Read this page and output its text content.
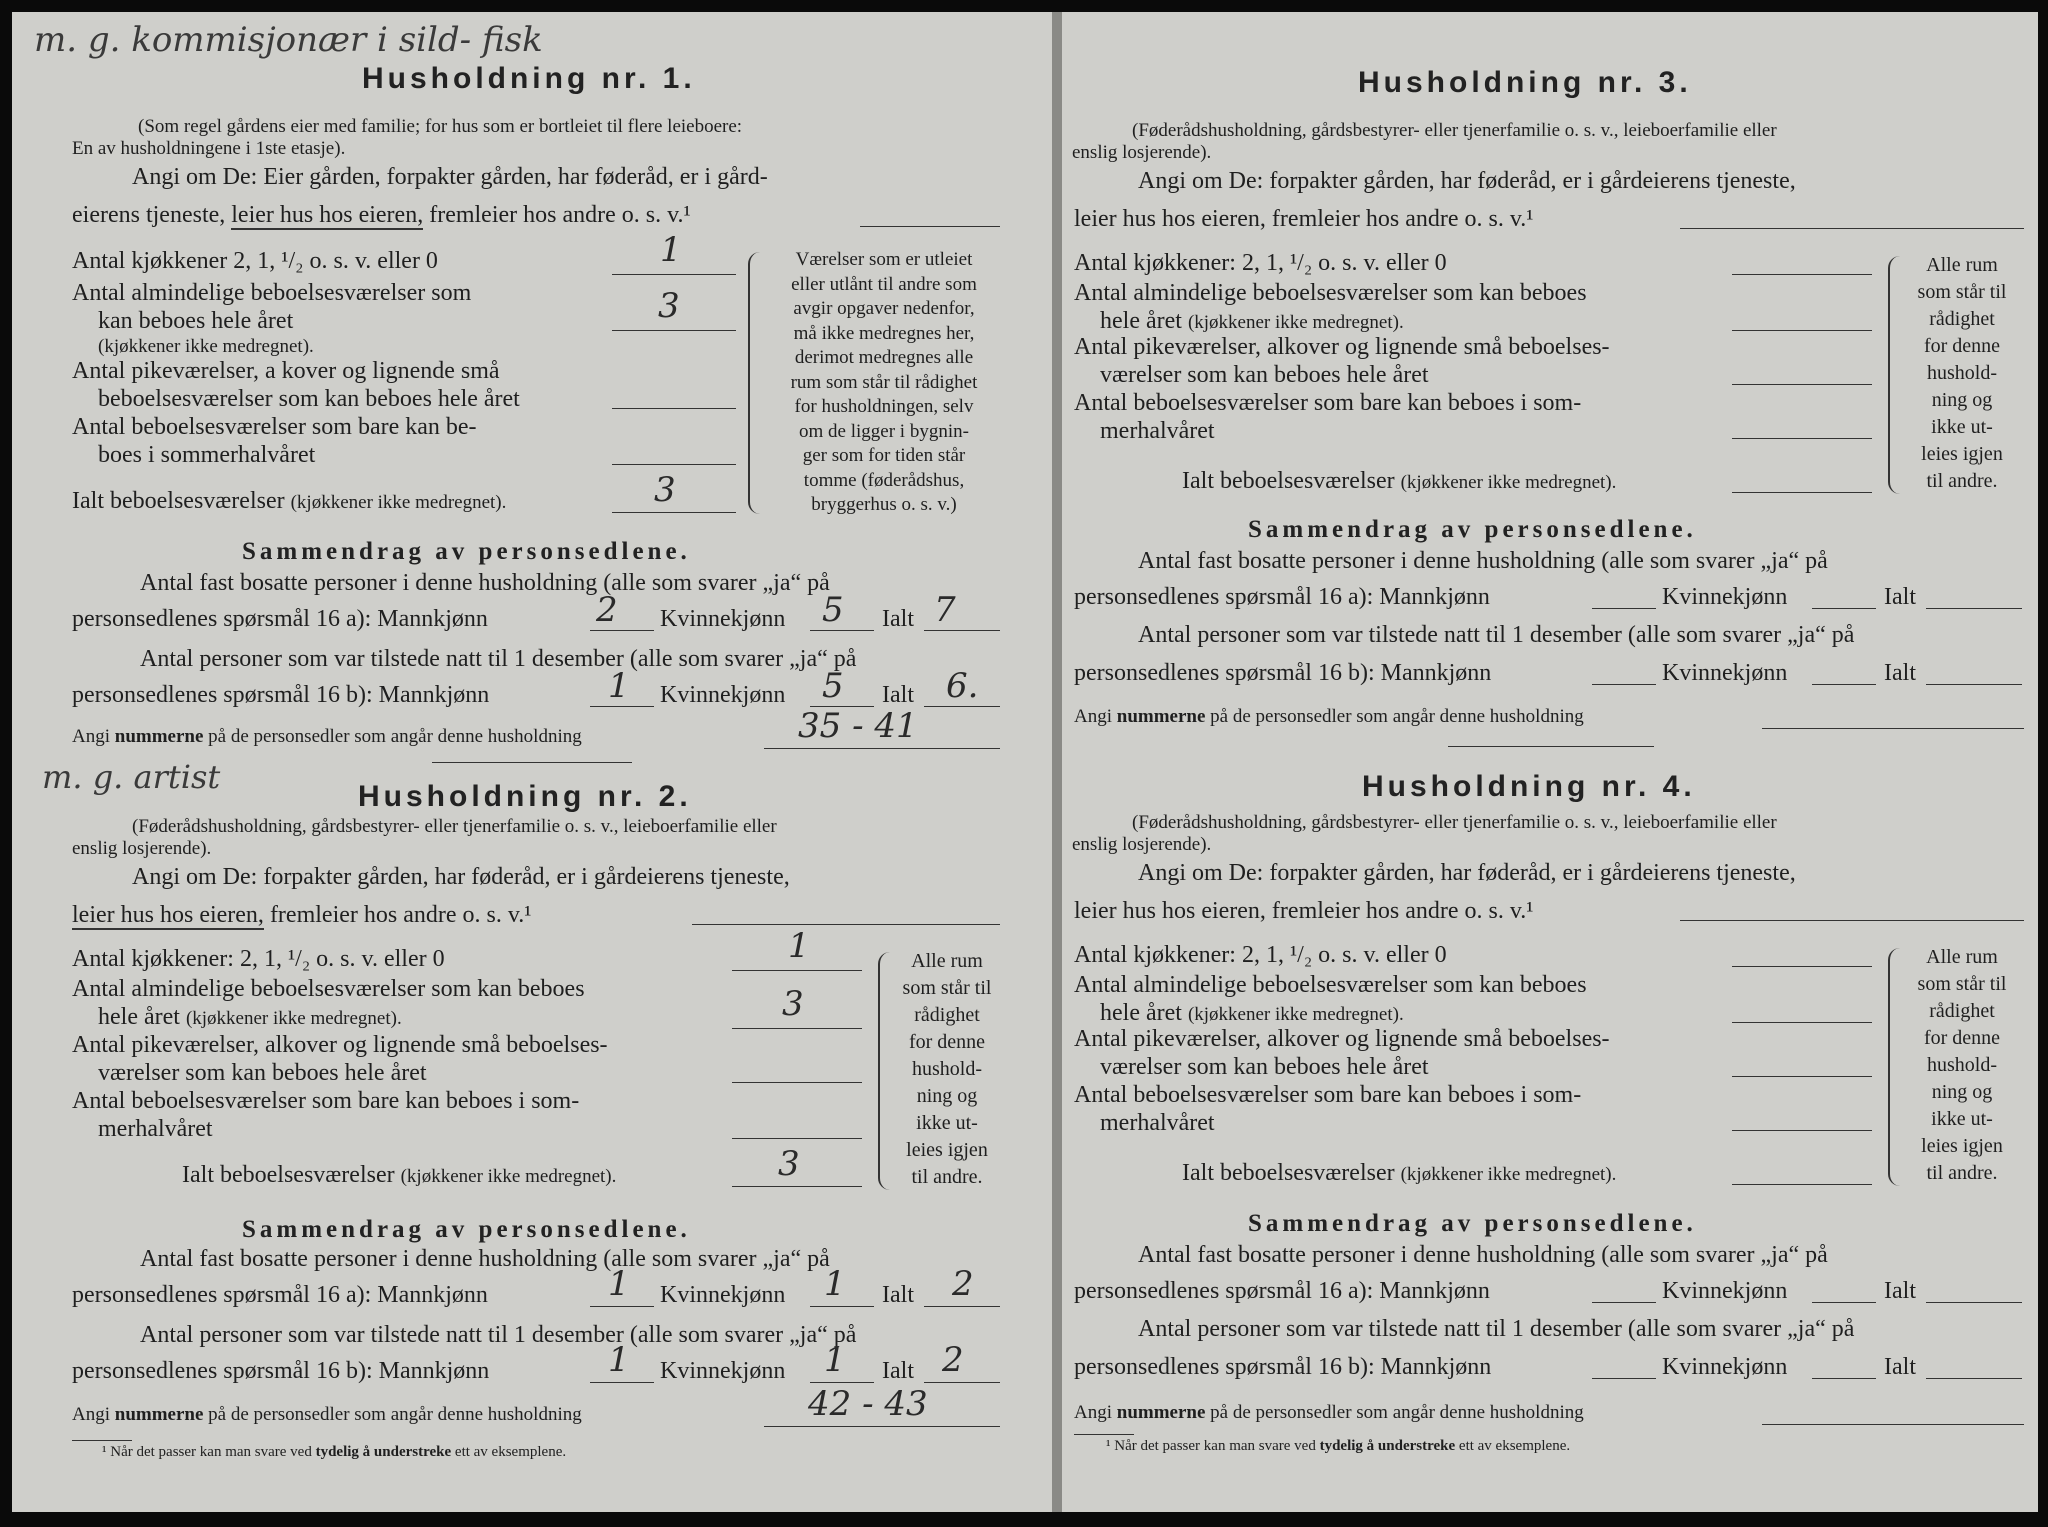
m. g. kommisjonær i sild- fisk
Husholdning nr. 1.
(Som regel gårdens eier med familie; for hus som er bortleiet til flere leieboere:
En av husholdningene i 1ste etasje).
Angi om De: Eier gården, forpakter gården, har føderåd, er i gård-
eierens tjeneste, leier hus hos eieren, fremleier hos andre o. s. v.¹
Antal kjøkkener 2, 1, ¹/₂ o. s. v. eller 0	1
Antal almindelige beboelsesværelser som
kan beboes hele året
(kjøkkener ikke medregnet).
3
Antal pikeværelser, a kover og lignende små
beboelsesværelser som kan beboes hele året
Antal beboelsesværelser som bare kan be-
boes i sommerhalvåret
Ialt beboelsesværelser (kjøkkener ikke medregnet).	3
Værelser som er utleiet
eller utlånt til andre som
avgir opgaver nedenfor,
må ikke medregnes her,
derimot medregnes alle
rum som står til rådighet
for husholdningen, selv
om de ligger i bygnin-
ger som for tiden står
tomme (føderådshus,
bryggerhus o. s. v.)
Sammendrag av personsedlene.
Antal fast bosatte personer i denne husholdning (alle som svarer „ja“ på
personsedlenes spørsmål 16 a): Mannkjønn	2 Kvinnekjønn 5 Ialt 7
Antal personer som var tilstede natt til 1 desember (alle som svarer „ja“ på
personsedlenes spørsmål 16 b): Mannkjønn	1 Kvinnekjønn 5 Ialt 6.
Angi nummerne på de personsedler som angår denne husholdning	35 - 41
m. g. artist
Husholdning nr. 2.
(Føderådshusholdning, gårdsbestyrer- eller tjenerfamilie o. s. v., leieboerfamilie eller
enslig losjerende).
Angi om De: forpakter gården, har føderåd, er i gårdeierens tjeneste,
leier hus hos eieren, fremleier hos andre o. s. v.¹
Antal kjøkkener: 2, 1, ¹/₂ o. s. v. eller 0	1
Antal almindelige beboelsesværelser som kan beboes
hele året (kjøkkener ikke medregnet).	3
Antal pikeværelser, alkover og lignende små beboelses-
værelser som kan beboes hele året
Antal beboelsesværelser som bare kan beboes i som-
merhalvåret
Ialt beboelsesværelser (kjøkkener ikke medregnet).	3
Alle rum
som står til
rådighet
for denne
hushold-
ning og
ikke ut-
leies igjen
til andre.
Sammendrag av personsedlene.
Antal fast bosatte personer i denne husholdning (alle som svarer „ja“ på
personsedlenes spørsmål 16 a): Mannkjønn	1 Kvinnekjønn 1 Ialt 2
Antal personer som var tilstede natt til 1 desember (alle som svarer „ja“ på
personsedlenes spørsmål 16 b): Mannkjønn	1 Kvinnekjønn 1 Ialt 2
Angi nummerne på de personsedler som angår denne husholdning	42 - 43
¹ Når det passer kan man svare ved tydelig å understreke ett av eksemplene.
Husholdning nr. 3.
(Føderådshusholdning, gårdsbestyrer- eller tjenerfamilie o. s. v., leieboerfamilie eller
enslig losjerende).
Angi om De: forpakter gården, har føderåd, er i gårdeierens tjeneste,
leier hus hos eieren, fremleier hos andre o. s. v.¹
Antal kjøkkener: 2, 1, ¹/₂ o. s. v. eller 0
Antal almindelige beboelsesværelser som kan beboes
hele året (kjøkkener ikke medregnet).
Antal pikeværelser, alkover og lignende små beboelses-
værelser som kan beboes hele året
Antal beboelsesværelser som bare kan beboes i som-
merhalvåret
Ialt beboelsesværelser (kjøkkener ikke medregnet).
Alle rum
som står til
rådighet
for denne
hushold-
ning og
ikke ut-
leies igjen
til andre.
Sammendrag av personsedlene.
Antal fast bosatte personer i denne husholdning (alle som svarer „ja“ på
personsedlenes spørsmål 16 a): Mannkjønn	Kvinnekjønn	Ialt
Antal personer som var tilstede natt til 1 desember (alle som svarer „ja“ på
personsedlenes spørsmål 16 b): Mannkjønn	Kvinnekjønn	Ialt
Angi nummerne på de personsedler som angår denne husholdning
Husholdning nr. 4.
(Føderådshusholdning, gårdsbestyrer- eller tjenerfamilie o. s. v., leieboerfamilie eller
enslig losjerende).
Angi om De: forpakter gården, har føderåd, er i gårdeierens tjeneste,
leier hus hos eieren, fremleier hos andre o. s. v.¹
Antal kjøkkener: 2, 1, ¹/₂ o. s. v. eller 0
Antal almindelige beboelsesværelser som kan beboes
hele året (kjøkkener ikke medregnet).
Antal pikeværelser, alkover og lignende små beboelses-
værelser som kan beboes hele året
Antal beboelsesværelser som bare kan beboes i som-
merhalvåret
Ialt beboelsesværelser (kjøkkener ikke medregnet).
Alle rum
som står til
rådighet
for denne
hushold-
ning og
ikke ut-
leies igjen
til andre.
Sammendrag av personsedlene.
Antal fast bosatte personer i denne husholdning (alle som svarer „ja“ på
personsedlenes spørsmål 16 a): Mannkjønn	Kvinnekjønn	Ialt
Antal personer som var tilstede natt til 1 desember (alle som svarer „ja“ på
personsedlenes spørsmål 16 b): Mannkjønn	Kvinnekjønn	Ialt
Angi nummerne på de personsedler som angår denne husholdning
¹ Når det passer kan man svare ved tydelig å understreke ett av eksemplene.
